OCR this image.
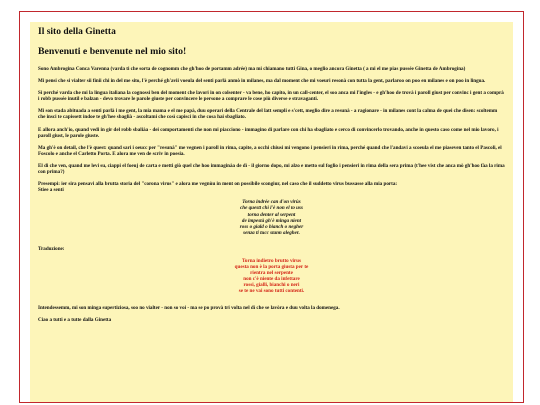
Il sito della Ginetta
Benvenuti e benvenute nel mio sito!

Sono Ambrogina Conca Varenna (varda ti che sorta de cognomm che gh'hoo de portamm adrée) ma mi chiamano tutti Gina, o meglio ancora Ginetta ( a mi el me pias pussée Ginetta de Ambrogina)

Mi pensi che si vialter sii finii chi in del me sito, l'è perché gh'avii voeula del senti parlà anmò in milanes, ma dal moment che mi voeuri resonà con tutta la gent, parlaroo on poo en milanes e on poo in lingua.

Si perché varda che mi la lingua italiana la cognossi ben del moment che lavori in on colsenter - va bene, ho capito, in un call-center, el soo anca mi l'ingles - e gh'hoo de trovà i paroll giust per convinc i gent a comprà i robb pussée inutil e balzan - devo trovare le parole giuste per convincere le persone a comprare le cose più diverse e stravaganti.

Mi son stada abituada a senti parlà i me gent, la mia mama e el me papà, duu operari della Centrale del latt sempli e s'cett, meglio dire a resunà - a ragionare - in milanes cont la calma de quei che disen: scoltemm che insci te capissett indoe te gh'hee sbaglià - ascoltami che così capisci in che cosa hai sbagliato.

E allora anch'io, quand vedi in gir del robb sbaliàa - dei comportamenti che non mi piacciono - immagino di parlare con chi ha sbagliato e cerco di convincerlo trovando, anche in questo caso come nel mio lavoro, i paroll giust, le parole giuste.

Ma gh'è on detail, che l'è quest: quand sari i oeucc per "resunà" me vegnen i paroll in rima, capite, a occhi chiusi mi vengono i pensieri in rima, perché quand che l'andavi a scoeula el me piaseven tanto el Pascoli, el Foscolo e anche el Carletto Porta. E alora me ven de scriv in poesia.

El di che ven, quand me levi su, ciappi el foeuj de carta e metti giò quel che hoo immaginàa de dì - il giorno dopo, mi alzo e metto sul foglio i pensieri in rima della sera prima (t'hee vist che anca mò gh'hoo fàa la rima con prima?)

Presempi: ier sira pensavi alla brutta storia del "corona virus" e alora me vegnùu in ment on possibile scongiur, nel caso che il suddetto virus bussasse alla mia porta:
Stiee a senti

Torna indrée can d'on virùs
che questt chì l'è non el to uss
torna denter al serpent
de impestà gh'è minga nient
ross o giald o bianch o negher
senza ti tucc stann alegher.

Traduzione:

Torna indietro brutto virus
questa non è la porta giusta per te
rientra nel serpente
non c'è niente da infettare
rossi, gialli, bianchi o neri
se te ne vai sono tutti contenti.

Intendessemm, mi son minga supertiziosa, soo no vialter - non so voi - ma se po provà tri volta nel dì che se lavòra e duu volta la domenega.

Ciao a tutti e a tutte dalla Ginetta
